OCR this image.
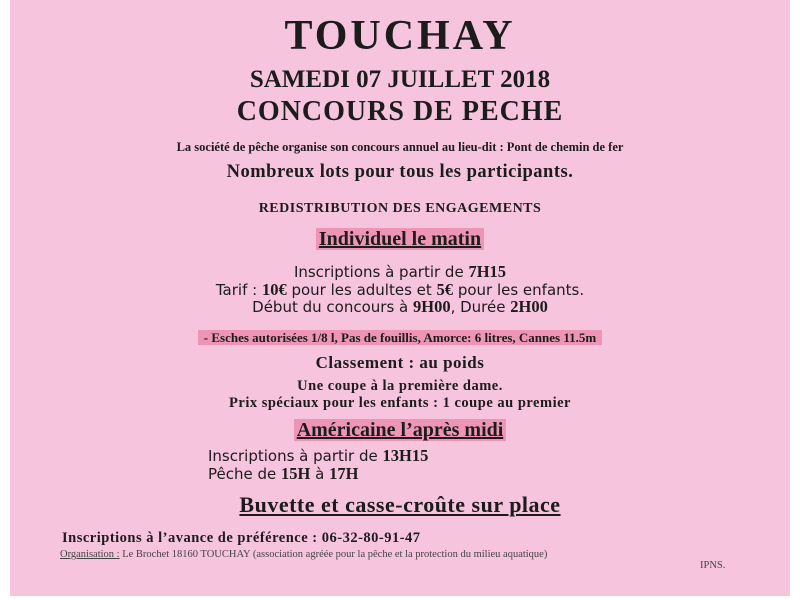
TOUCHAY
SAMEDI 07 JUILLET 2018
CONCOURS DE PECHE
La société de pêche organise son concours annuel au lieu-dit : Pont de chemin de fer
Nombreux lots pour tous les participants.
REDISTRIBUTION DES ENGAGEMENTS
Individuel le matin
Inscriptions à partir de 7H15
Tarif : 10€ pour les adultes et 5€ pour les enfants.
Début du concours à 9H00, Durée 2H00
- Esches autorisées 1/8 l, Pas de fouillis, Amorce: 6 litres, Cannes 11.5m
Classement : au poids
Une coupe à la première dame.
Prix spéciaux pour les enfants : 1 coupe au premier
Américaine l’après midi
Inscriptions à partir de 13H15
Pêche de 15H à 17H
Buvette et casse-croûte sur place
Inscriptions à l’avance de préférence : 06-32-80-91-47
Organisation : Le Brochet 18160 TOUCHAY (association agréée pour la pêche et la protection du milieu aquatique)
IPNS.
